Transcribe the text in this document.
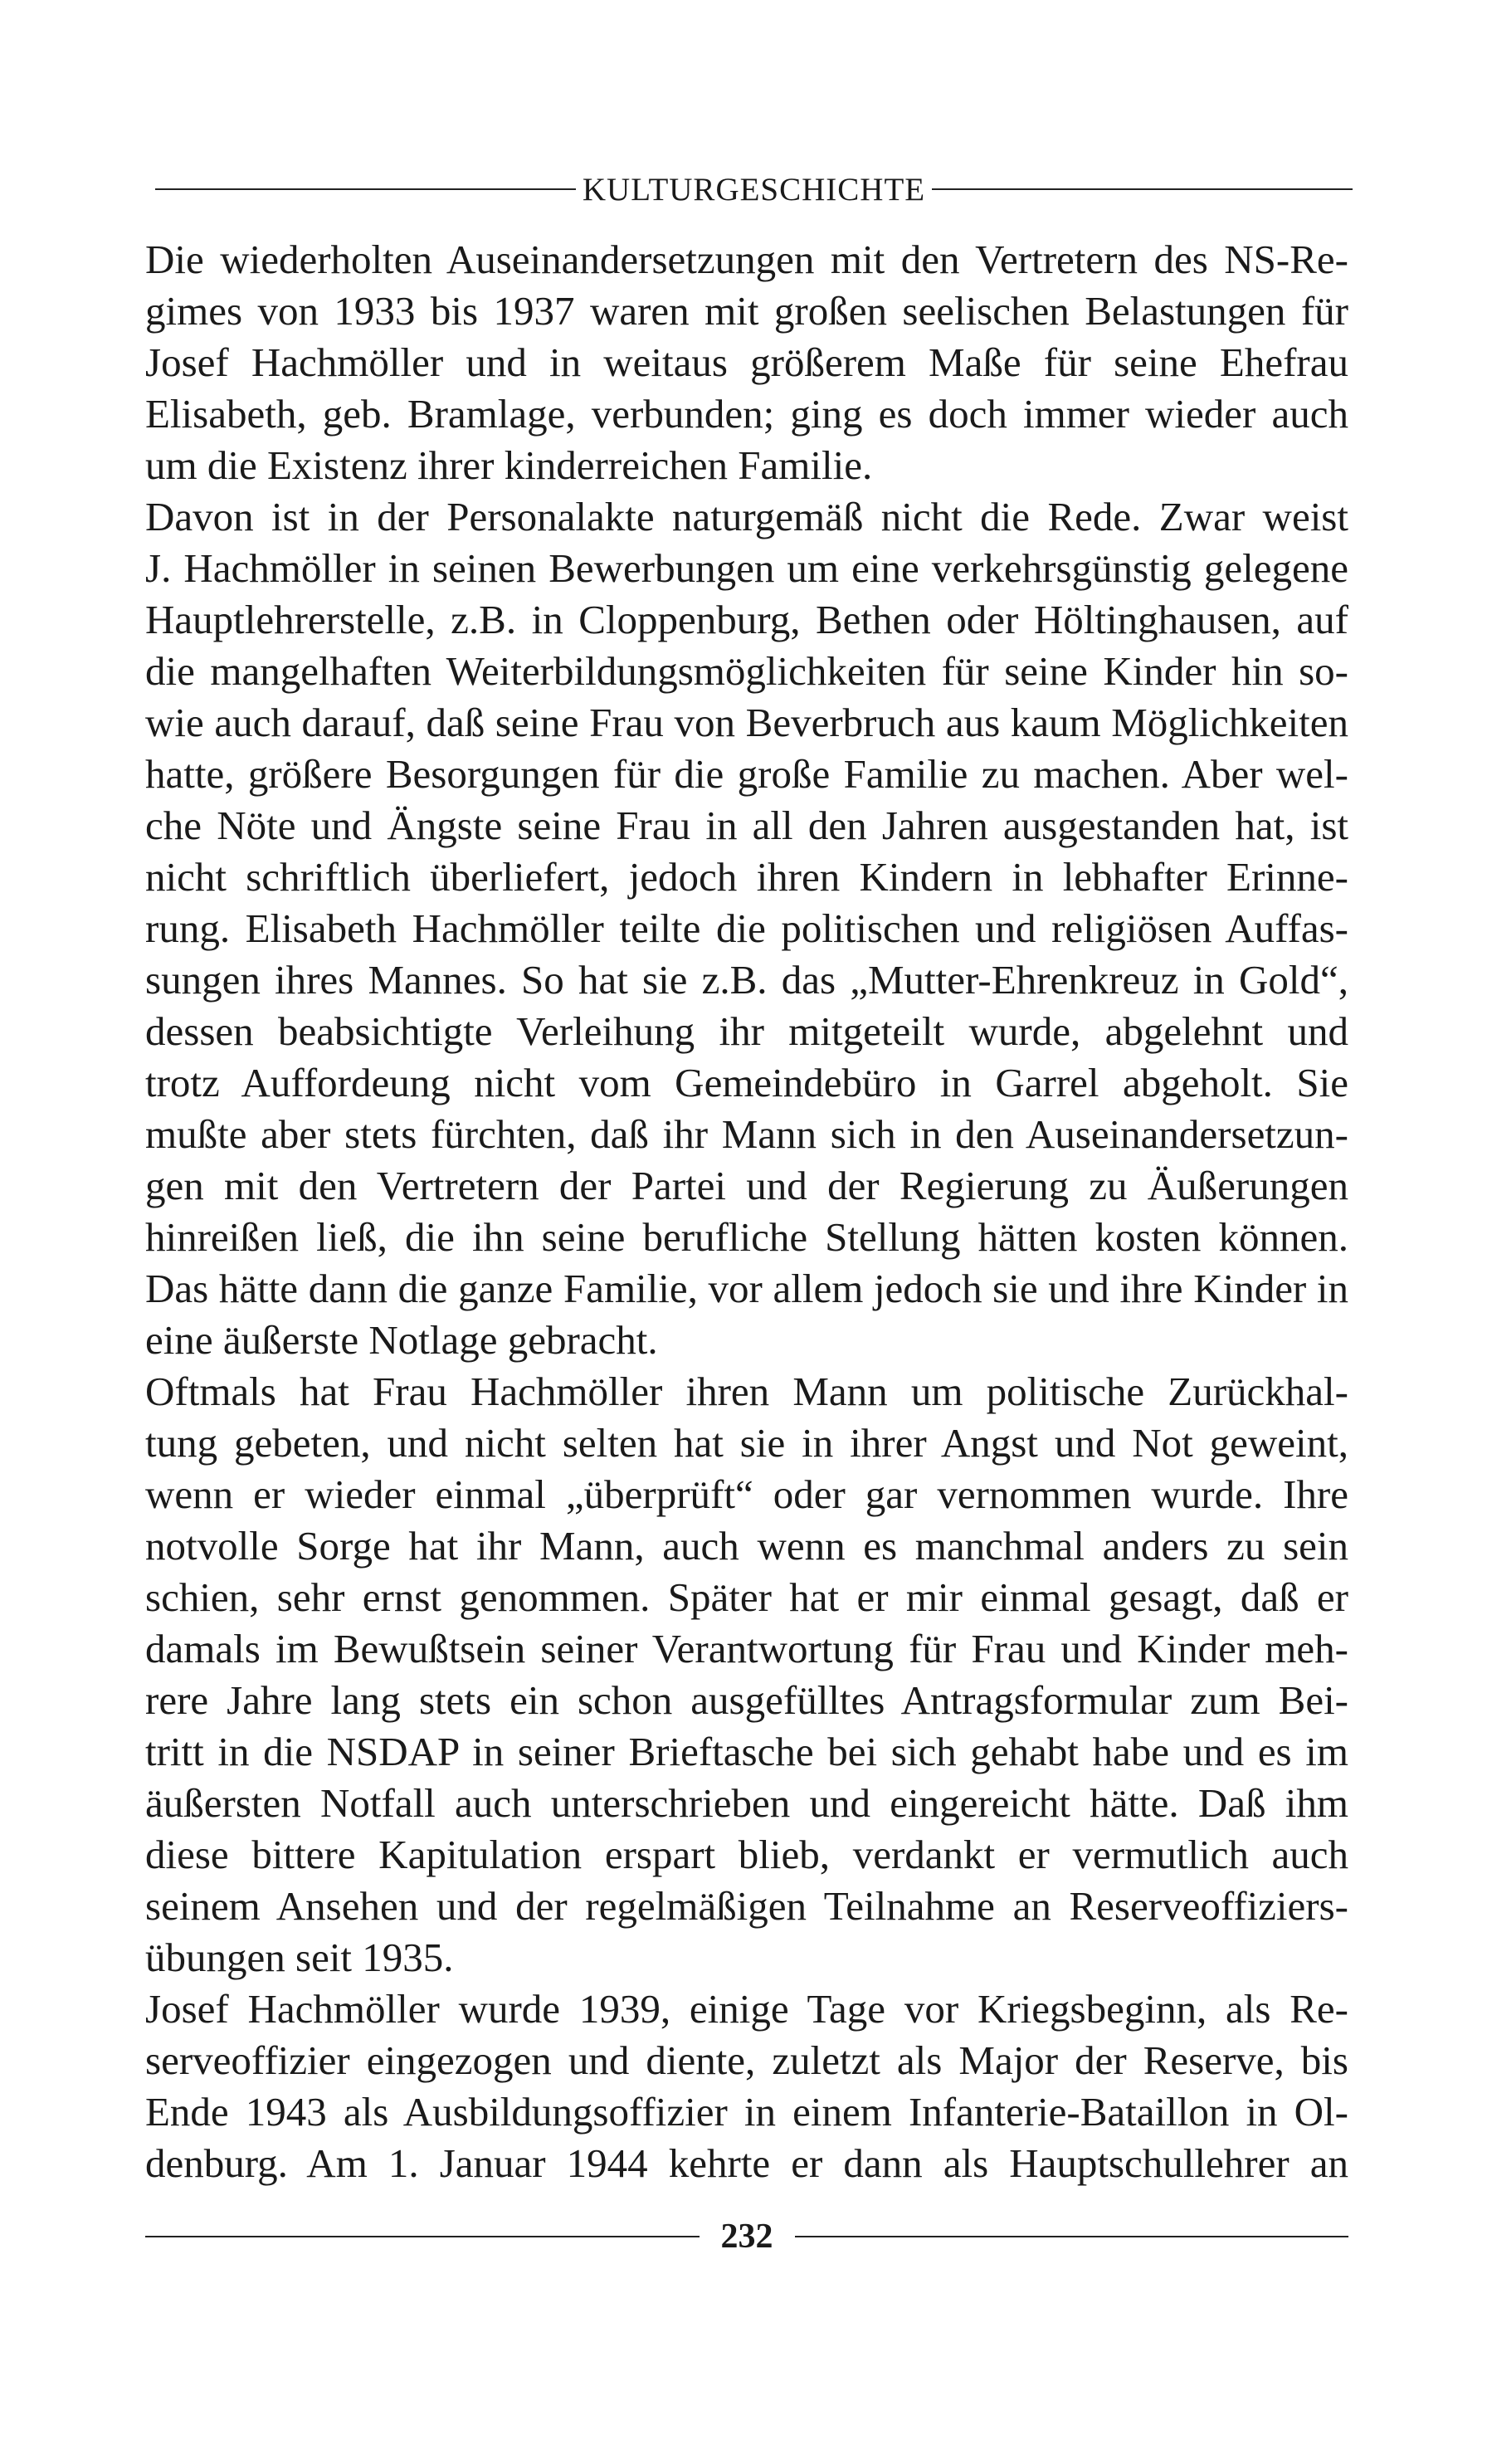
KULTURGESCHICHTE
Die wiederholten Auseinandersetzungen mit den Vertretern des NS-Re-
gimes von 1933 bis 1937 waren mit großen seelischen Belastungen für
Josef Hachmöller und in weitaus größerem Maße für seine Ehefrau
Elisabeth, geb. Bramlage, verbunden; ging es doch immer wieder auch
um die Existenz ihrer kinderreichen Familie.
Davon ist in der Personalakte naturgemäß nicht die Rede. Zwar weist
J. Hachmöller in seinen Bewerbungen um eine verkehrsgünstig gelegene
Hauptlehrerstelle, z.B. in Cloppenburg, Bethen oder Höltinghausen, auf
die mangelhaften Weiterbildungsmöglichkeiten für seine Kinder hin so-
wie auch darauf, daß seine Frau von Beverbruch aus kaum Möglichkeiten
hatte, größere Besorgungen für die große Familie zu machen. Aber wel-
che Nöte und Ängste seine Frau in all den Jahren ausgestanden hat, ist
nicht schriftlich überliefert, jedoch ihren Kindern in lebhafter Erinne-
rung. Elisabeth Hachmöller teilte die politischen und religiösen Auffas-
sungen ihres Mannes. So hat sie z.B. das „Mutter-Ehrenkreuz in Gold“,
dessen beabsichtigte Verleihung ihr mitgeteilt wurde, abgelehnt und
trotz Auffordeung nicht vom Gemeindebüro in Garrel abgeholt. Sie
mußte aber stets fürchten, daß ihr Mann sich in den Auseinandersetzun-
gen mit den Vertretern der Partei und der Regierung zu Äußerungen
hinreißen ließ, die ihn seine berufliche Stellung hätten kosten können.
Das hätte dann die ganze Familie, vor allem jedoch sie und ihre Kinder in
eine äußerste Notlage gebracht.
Oftmals hat Frau Hachmöller ihren Mann um politische Zurückhal-
tung gebeten, und nicht selten hat sie in ihrer Angst und Not geweint,
wenn er wieder einmal „überprüft“ oder gar vernommen wurde. Ihre
notvolle Sorge hat ihr Mann, auch wenn es manchmal anders zu sein
schien, sehr ernst genommen. Später hat er mir einmal gesagt, daß er
damals im Bewußtsein seiner Verantwortung für Frau und Kinder meh-
rere Jahre lang stets ein schon ausgefülltes Antragsformular zum Bei-
tritt in die NSDAP in seiner Brieftasche bei sich gehabt habe und es im
äußersten Notfall auch unterschrieben und eingereicht hätte. Daß ihm
diese bittere Kapitulation erspart blieb, verdankt er vermutlich auch
seinem Ansehen und der regelmäßigen Teilnahme an Reserveoffiziers-
übungen seit 1935.
Josef Hachmöller wurde 1939, einige Tage vor Kriegsbeginn, als Re-
serveoffizier eingezogen und diente, zuletzt als Major der Reserve, bis
Ende 1943 als Ausbildungsoffizier in einem Infanterie-Bataillon in Ol-
denburg. Am 1. Januar 1944 kehrte er dann als Hauptschullehrer an
232
